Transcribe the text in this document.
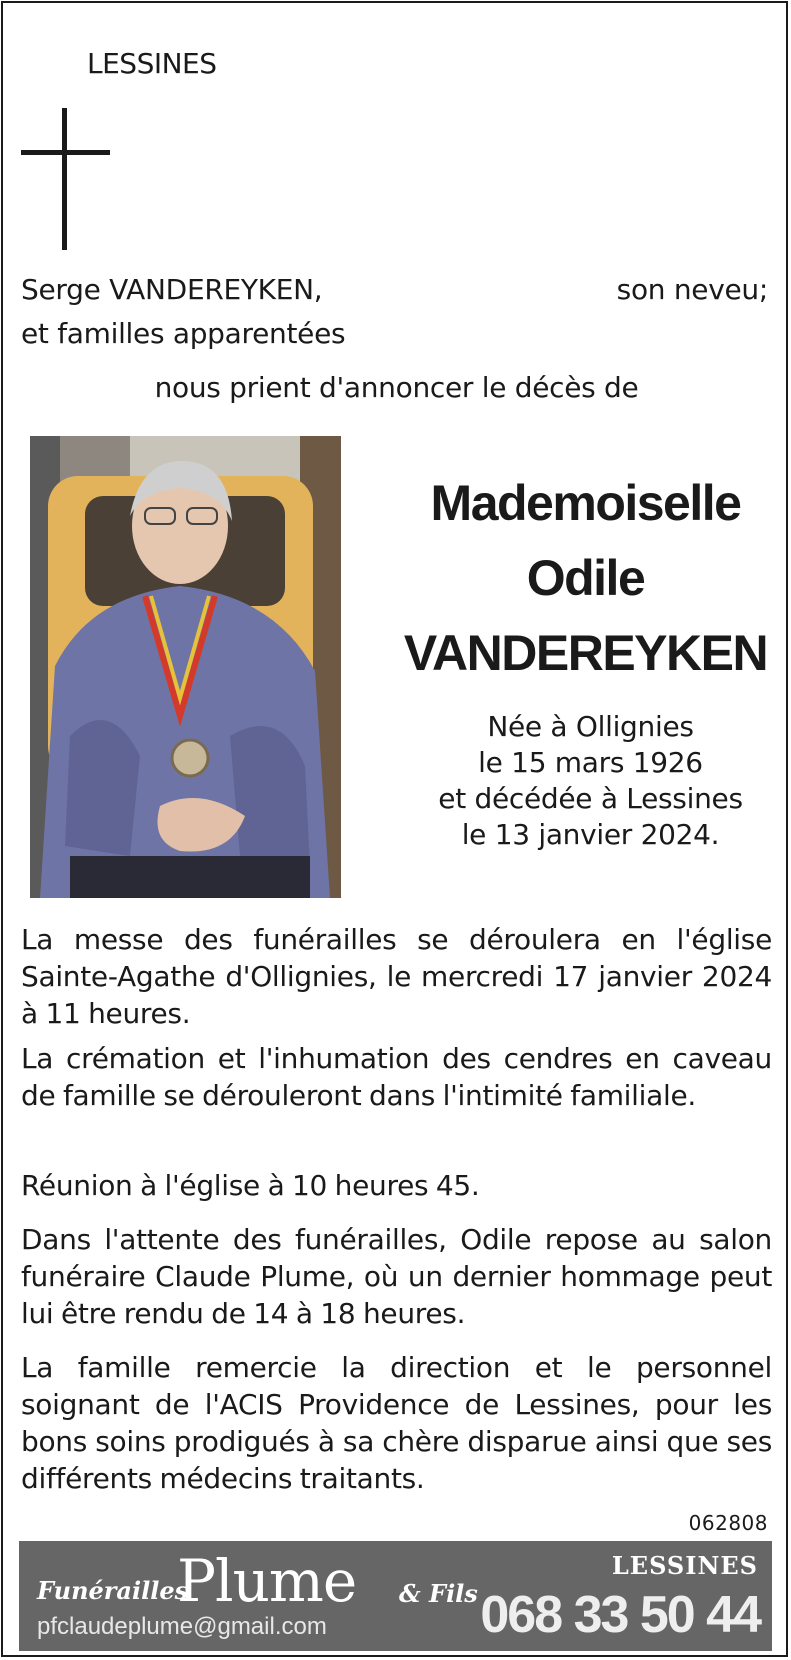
LESSINES
Serge VANDEREYKEN,	son neveu;
et familles apparentées
nous prient d'annoncer le décès de
Mademoiselle
Odile
VANDEREYKEN
Née à Ollignies
le 15 mars 1926
et décédée à Lessines
le 13 janvier 2024.
La messe des funérailles se déroulera en l'église Sainte-Agathe d'Ollignies, le mercredi 17 janvier 2024 à 11 heures.
La crémation et l'inhumation des cendres en caveau de famille se dérouleront dans l'intimité familiale.
Réunion à l'église à 10 heures 45.
Dans l'attente des funérailles, Odile repose au salon funéraire Claude Plume, où un dernier hommage peut lui être rendu de 14 à 18 heures.
La famille remercie la direction et le personnel soignant de l'ACIS Providence de Lessines, pour les bons soins prodigués à sa chère disparue ainsi que ses différents médecins traitants.
062808
Funérailles
Plume & Fils
pfclaudeplume@gmail.com
LESSINES
068 33 50 44
